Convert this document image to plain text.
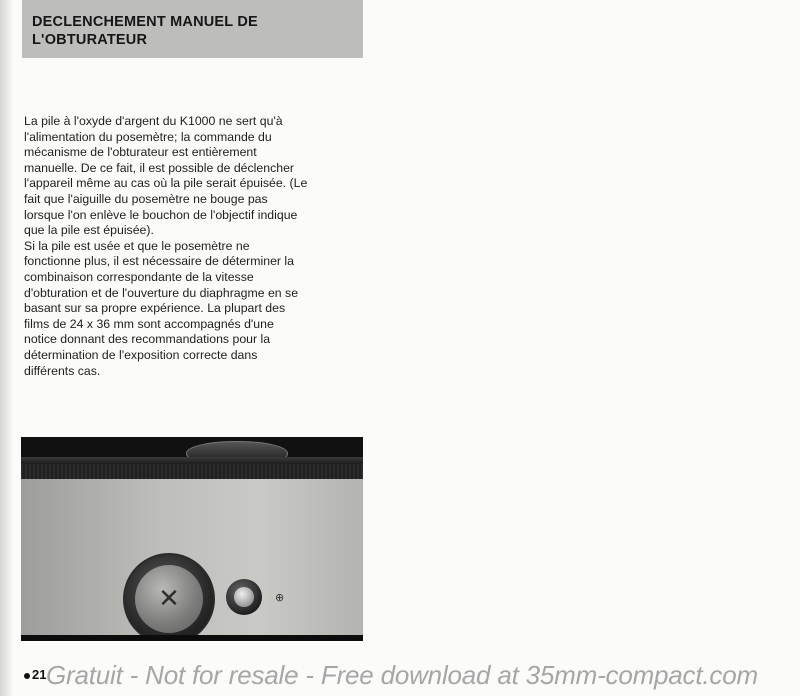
DECLENCHEMENT MANUEL DE
L'OBTURATEUR

La pile à l'oxyde d'argent du K1000 ne sert qu'à
l'alimentation du posemètre; la commande du
mécanisme de l'obturateur est entièrement
manuelle. De ce fait, il est possible de déclencher
l'appareil même au cas où la pile serait épuisée. (Le
fait que l'aiguille du posemètre ne bouge pas
lorsque l'on enlève le bouchon de l'objectif indique
que la pile est épuisée).
Si la pile est usée et que le posemètre ne
fonctionne plus, il est nécessaire de déterminer la
combinaison correspondante de la vitesse
d'obturation et de l'ouverture du diaphragme en se
basant sur sa propre expérience. La plupart des
films de 24 x 36 mm sont accompagnés d'une
notice donnant des recommandations pour la
détermination de l'exposition correcte dans
différents cas.

✕	⊕
21 Gratuit - Not for resale - Free download at 35mm-compact.com
